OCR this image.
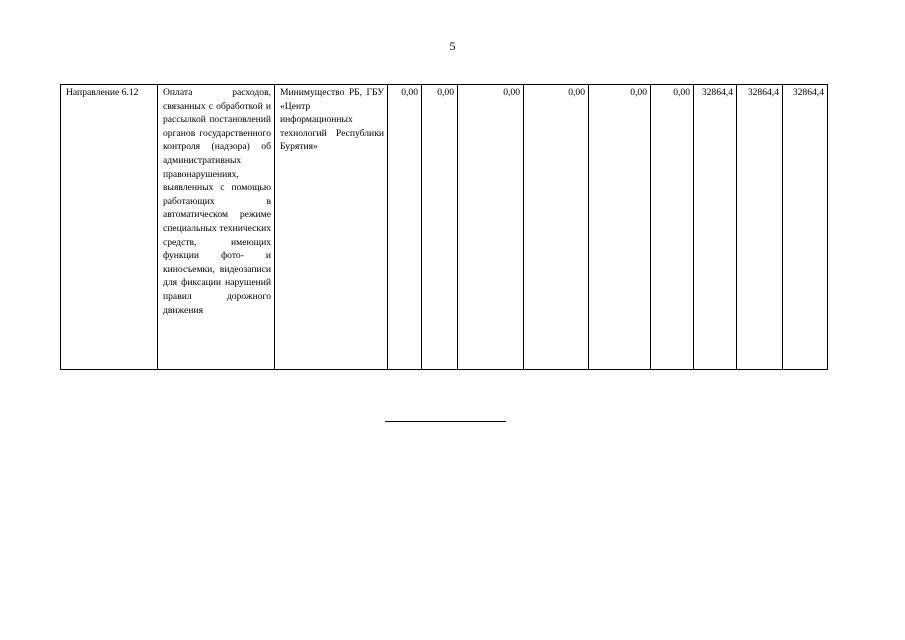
5
Направление 6.12	Оплата расходов, связанных с обработкой и рассылкой постановлений органов государственного контроля (надзора) об административных правонарушениях, выявленных с помощью работающих в автоматическом режиме специальных технических средств, имеющих функции фото- и киносъемки, видеозаписи для фиксации нарушений правил дорожного движения	Минимущество РБ, ГБУ «Центр информационных технологий Республики Бурятия»	0,00	0,00	0,00	0,00	0,00	0,00	32864,4	32864,4	32864,4
